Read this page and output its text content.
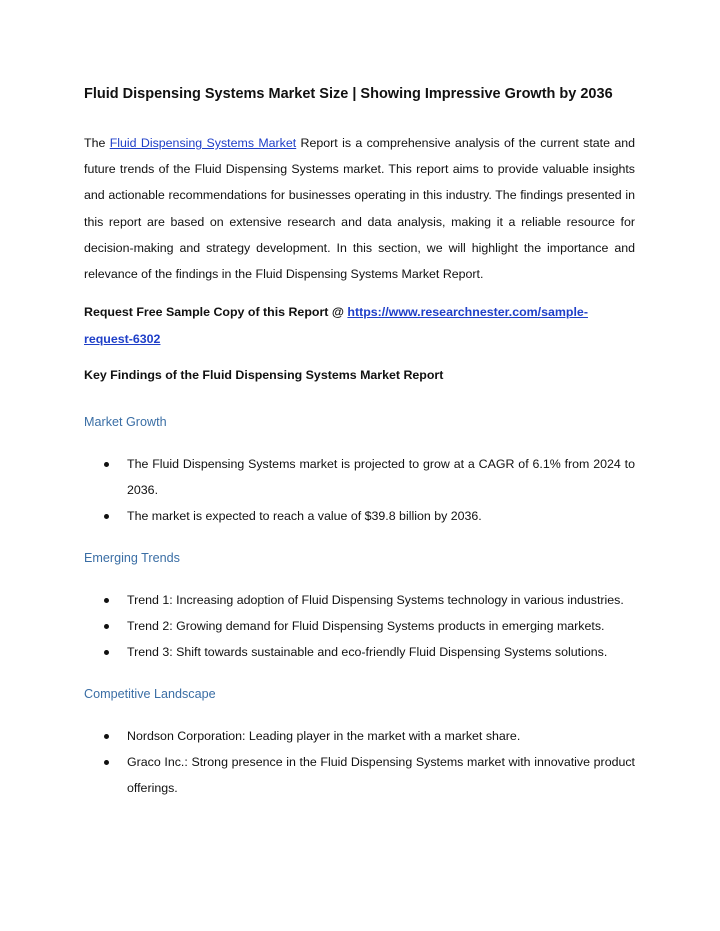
Fluid Dispensing Systems Market Size | Showing Impressive Growth by 2036

The Fluid Dispensing Systems Market Report is a comprehensive analysis of the current state and future trends of the Fluid Dispensing Systems market. This report aims to provide valuable insights and actionable recommendations for businesses operating in this industry. The findings presented in this report are based on extensive research and data analysis, making it a reliable resource for decision-making and strategy development. In this section, we will highlight the importance and relevance of the findings in the Fluid Dispensing Systems Market Report.

Request Free Sample Copy of this Report @ https://www.researchnester.com/sample-request-6302

Key Findings of the Fluid Dispensing Systems Market Report

Market Growth

The Fluid Dispensing Systems market is projected to grow at a CAGR of 6.1% from 2024 to 2036.
The market is expected to reach a value of $39.8 billion by 2036.

Emerging Trends

Trend 1: Increasing adoption of Fluid Dispensing Systems technology in various industries.
Trend 2: Growing demand for Fluid Dispensing Systems products in emerging markets.
Trend 3: Shift towards sustainable and eco-friendly Fluid Dispensing Systems solutions.

Competitive Landscape

Nordson Corporation: Leading player in the market with a market share.
Graco Inc.: Strong presence in the Fluid Dispensing Systems market with innovative product offerings.
